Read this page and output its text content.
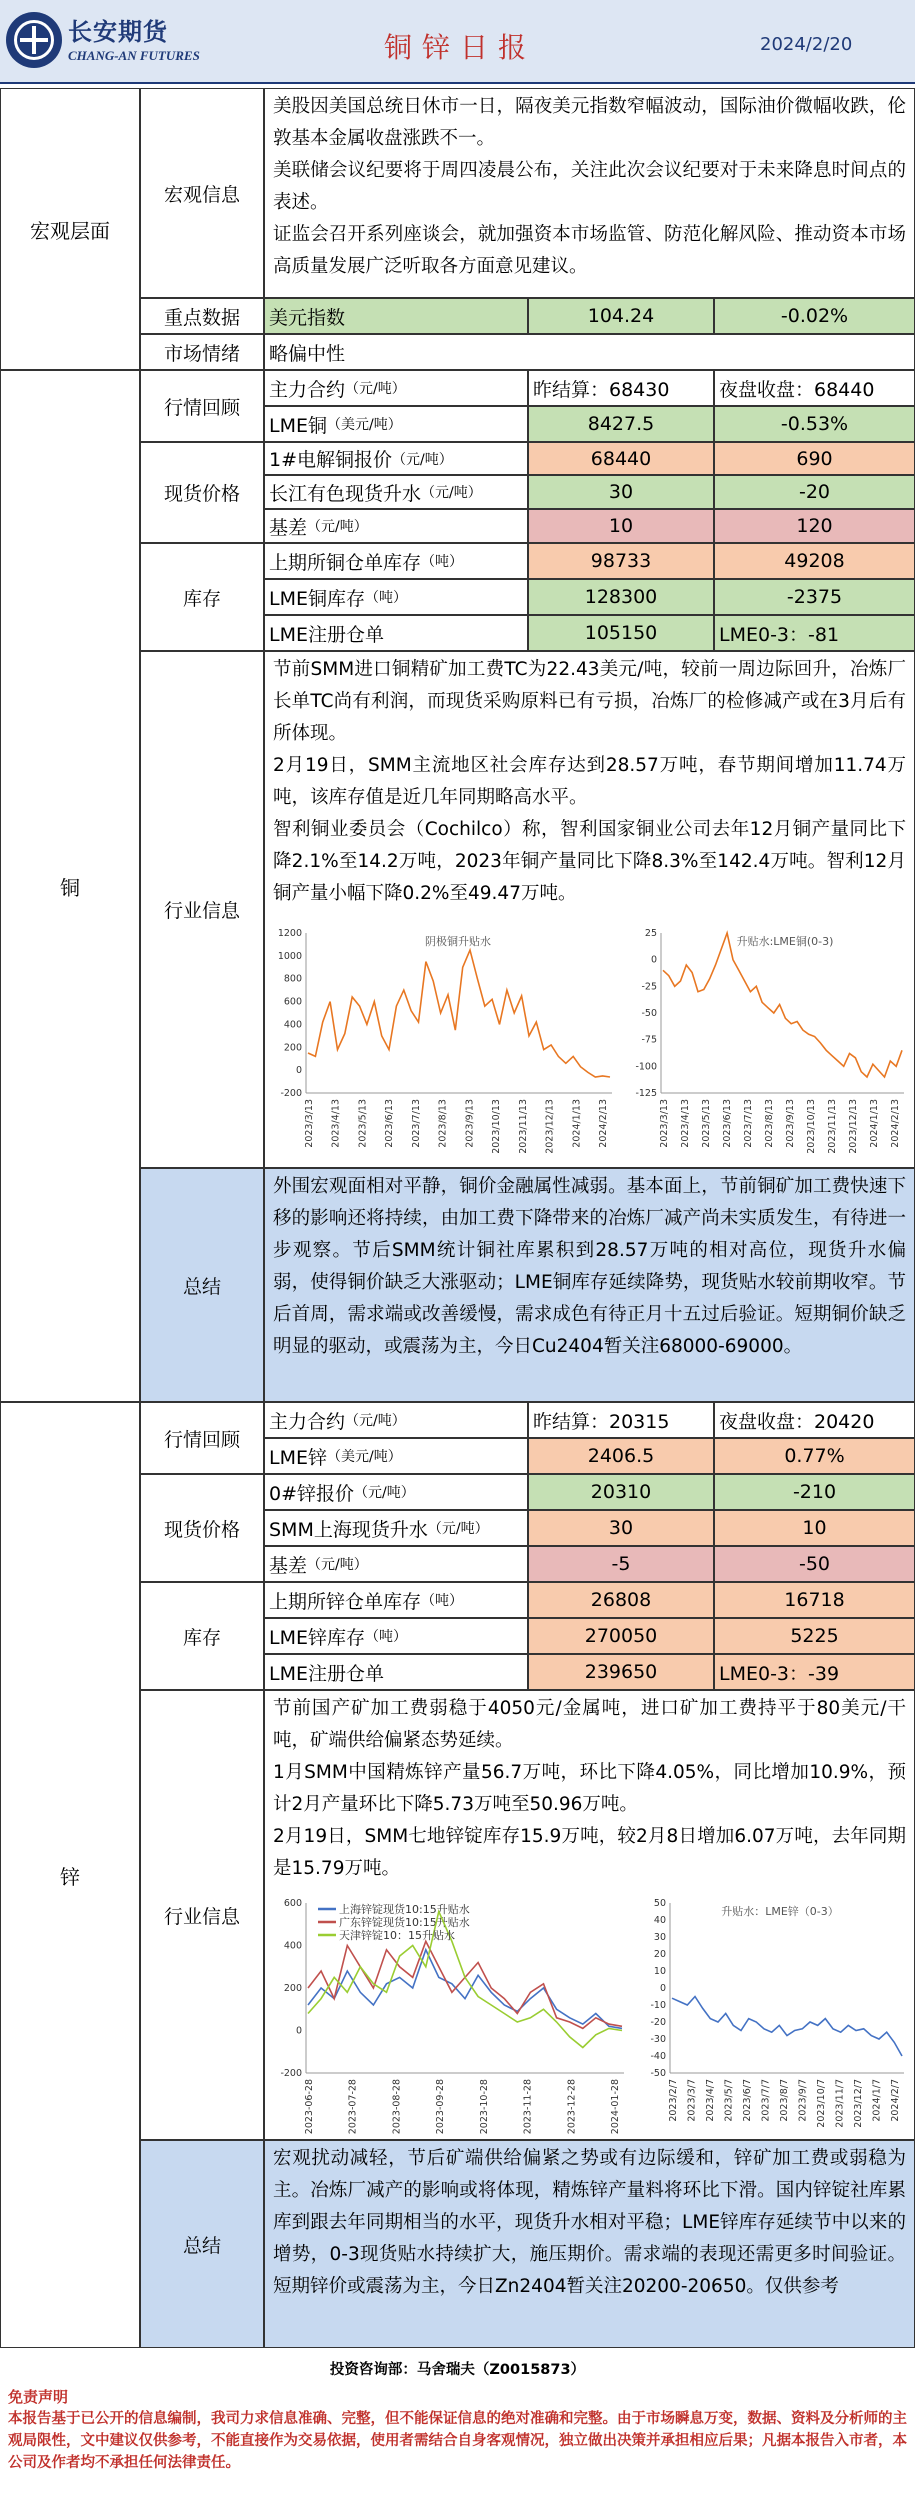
长安期货
CHANG-AN FUTURES	铜锌日报	2024/2/20
宏观层面
宏观信息

美股因美国总统日休市一日，隔夜美元指数窄幅波动，国际油价微幅收跌，伦敦基本金属收盘涨跌不一。

美联储会议纪要将于周四凌晨公布，关注此次会议纪要对于未来降息时间点的表述。

证监会召开系列座谈会，就加强资本市场监管、防范化解风险、推动资本市场高质量发展广泛听取各方面意见建议。

重点数据	美元指数	104.24	-0.02%
市场情绪	略偏中性
铜
行情回顾
主力合约 （元/吨）	昨结算：68430	夜盘收盘：68440
LME铜 （美元/吨）	8427.5	-0.53%
现货价格
1#电解铜报价 （元/吨）	68440	690
长江有色现货升水 （元/吨）	30	-20
基差 （元/吨）	10	120
库存
上期所铜仓单库存 （吨）	98733	49208
LME铜库存 （吨）	128300	-2375
LME注册仓单	105150	LME0-3：-81
行业信息

节前SMM进口铜精矿加工费TC为22.43美元/吨，较前一周边际回升，冶炼厂长单TC尚有利润，而现货采购原料已有亏损，冶炼厂的检修减产或在3月后有所体现。

2月19日，SMM主流地区社会库存达到28.57万吨，春节期间增加11.74万吨，该库存值是近几年同期略高水平。

智利铜业委员会（Cochilco）称，智利国家铜业公司去年12月铜产量同比下降2.1%至14.2万吨，2023年铜产量同比下降8.3%至142.4万吨。智利12月铜产量小幅下降0.2%至49.47万吨。

阴极铜升贴水
-200
0
200
400
600
800
1000
1200
2023/3/13 2023/4/13 2023/5/13 2023/6/13 2023/7/13 2023/8/13 2023/9/13 2023/10/13 2023/11/13 2023/12/13 2024/1/13 2024/2/13
升贴水:LME铜(0-3)
-125
-100
-75
-50
-25
0
25
2023/3/13 2023/4/13 2023/5/13 2023/6/13 2023/7/13 2023/8/13 2023/9/13 2023/10/13 2023/11/13 2023/12/13 2024/1/13 2024/2/13
总结
外围宏观面相对平静，铜价金融属性减弱。基本面上，节前铜矿加工费快速下移的影响还将持续，由加工费下降带来的冶炼厂减产尚未实质发生，有待进一步观察。节后SMM统计铜社库累积到28.57万吨的相对高位，现货升水偏弱，使得铜价缺乏大涨驱动；LME铜库存延续降势，现货贴水较前期收窄。节后首周，需求端或改善缓慢，需求成色有待正月十五过后验证。短期铜价缺乏明显的驱动，或震荡为主，今日Cu2404暂关注68000-69000。
锌
行情回顾
主力合约 （元/吨）	昨结算：20315	夜盘收盘：20420
LME锌 （美元/吨）	2406.5	0.77%
现货价格
0#锌报价 （元/吨）	20310	-210
SMM上海现货升水 （元/吨）	30	10
基差 （元/吨）	-5	-50
库存
上期所锌仓单库存 （吨）	26808	16718
LME锌库存 （吨）	270050	5225
LME注册仓单	239650	LME0-3：-39
行业信息

节前国产矿加工费弱稳于4050元/金属吨，进口矿加工费持平于80美元/干吨，矿端供给偏紧态势延续。

1月SMM中国精炼锌产量56.7万吨，环比下降4.05%，同比增加10.9%，预计2月产量环比下降5.73万吨至50.96万吨。

2月19日，SMM七地锌锭库存15.9万吨，较2月8日增加6.07万吨，去年同期是15.79万吨。

-200
0
200
400
600
2023-06-28	2023-07-28	2023-08-28	2023-09-28	2023-10-28	2023-11-28	2023-12-28	2024-01-28
上海锌锭现货10:15升贴水
广东锌锭现货10:15升贴水
天津锌锭10：15升贴水
升贴水：LME锌（0-3）
-50
-40
-30
-20
-10
0
10
20
30
40
50
2023/2/7 2023/3/7 2023/4/7 2023/5/7 2023/6/7 2023/7/7 2023/8/7 2023/9/7 2023/10/7 2023/11/7 2023/12/7 2024/1/7 2024/2/7
总结
宏观扰动减轻，节后矿端供给偏紧之势或有边际缓和，锌矿加工费或弱稳为主。冶炼厂减产的影响或将体现，精炼锌产量料将环比下滑。国内锌锭社库累库到跟去年同期相当的水平，现货升水相对平稳；LME锌库存延续节中以来的增势，0-3现货贴水持续扩大，施压期价。需求端的表现还需更多时间验证。短期锌价或震荡为主，今日Zn2404暂关注20200-20650。仅供参考
投资咨询部：马舍瑞夫（Z0015873）
免责声明
本报告基于已公开的信息编制，我司力求信息准确、完整，但不能保证信息的绝对准确和完整。由于市场瞬息万变，数据、资料及分析师的主观局限性，文中建议仅供参考，不能直接作为交易依据，使用者需结合自身客观情况，独立做出决策并承担相应后果；凡据本报告入市者，本公司及作者均不承担任何法律责任。
